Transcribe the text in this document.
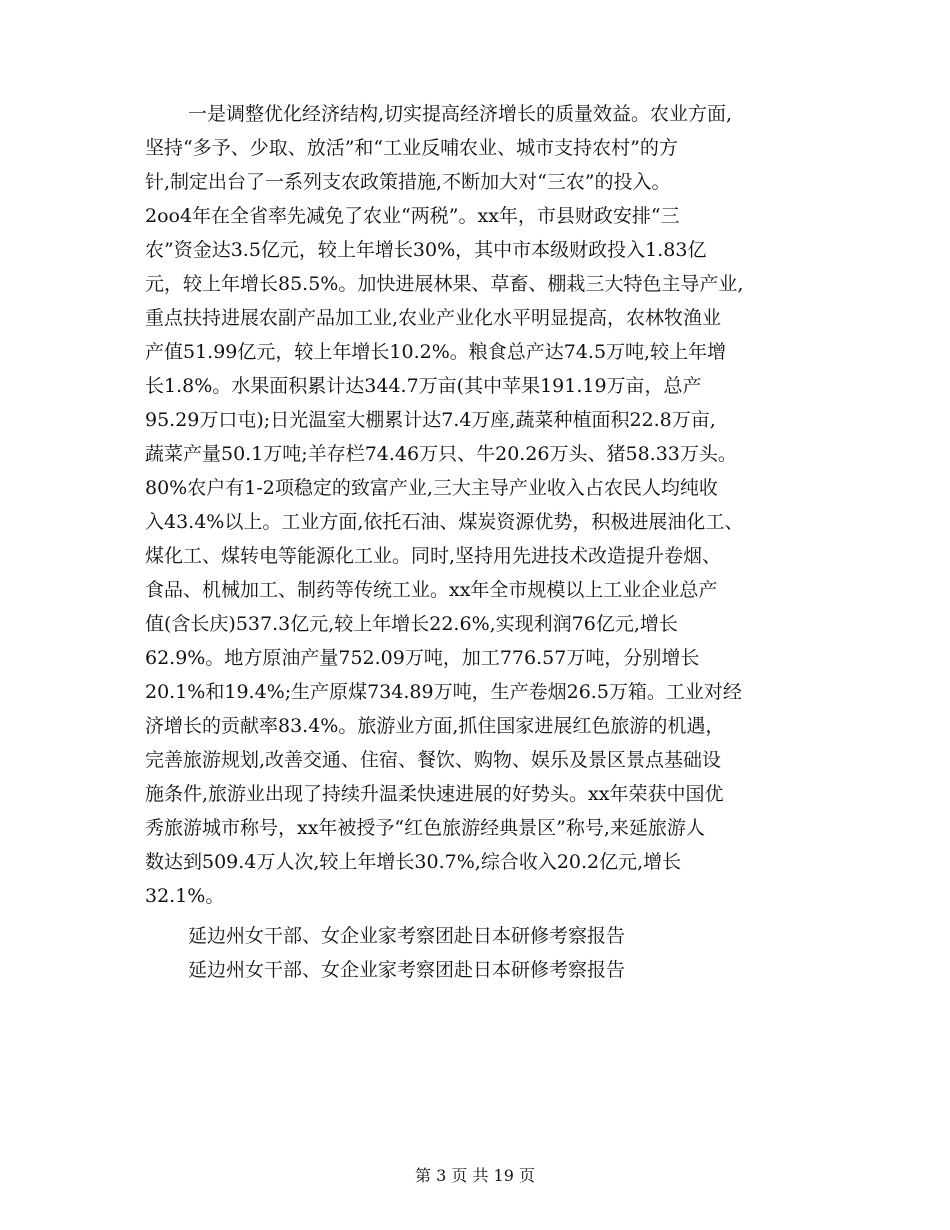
一是调整优化经济结构,切实提高经济增长的质量效益。农业方面,
坚持“多予、少取、放活”和“工业反哺农业、城市支持农村”的方
针,制定出台了一系列支农政策措施,不断加大对“三农”的投入。
2oo4年在全省率先减免了农业“两税”。xx年，市县财政安排“三
农”资金达3.5亿元，较上年增长30%，其中市本级财政投入1.83亿
元，较上年增长85.5%。加快进展林果、草畜、棚栽三大特色主导产业,
重点扶持进展农副产品加工业,农业产业化水平明显提高，农林牧渔业
产值51.99亿元，较上年增长10.2%。粮食总产达74.5万吨,较上年增
长1.8%。水果面积累计达344.7万亩(其中苹果191.19万亩，总产
95.29万口屯);日光温室大棚累计达7.4万座,蔬菜种植面积22.8万亩,
蔬菜产量50.1万吨;羊存栏74.46万只、牛20.26万头、猪58.33万头。
80%农户有1-2项稳定的致富产业,三大主导产业收入占农民人均纯收
入43.4%以上。工业方面,依托石油、煤炭资源优势，积极进展油化工、
煤化工、煤转电等能源化工业。同时,坚持用先进技术改造提升卷烟、
食品、机械加工、制药等传统工业。xx年全市规模以上工业企业总产
值(含长庆)537.3亿元,较上年增长22.6%,实现利润76亿元,增长
62.9%。地方原油产量752.09万吨，加工776.57万吨，分别增长
20.1%和19.4%;生产原煤734.89万吨，生产卷烟26.5万箱。工业对经
济增长的贡献率83.4%。旅游业方面,抓住国家进展红色旅游的机遇，
完善旅游规划,改善交通、住宿、餐饮、购物、娱乐及景区景点基础设
施条件,旅游业出现了持续升温柔快速进展的好势头。xx年荣获中国优
秀旅游城市称号，xx年被授予“红色旅游经典景区”称号,来延旅游人
数达到509.4万人次,较上年增长30.7%,综合收入20.2亿元,增长
32.1%。
延边州女干部、女企业家考察团赴日本研修考察报告
延边州女干部、女企业家考察团赴日本研修考察报告
第 3 页 共 19 页
